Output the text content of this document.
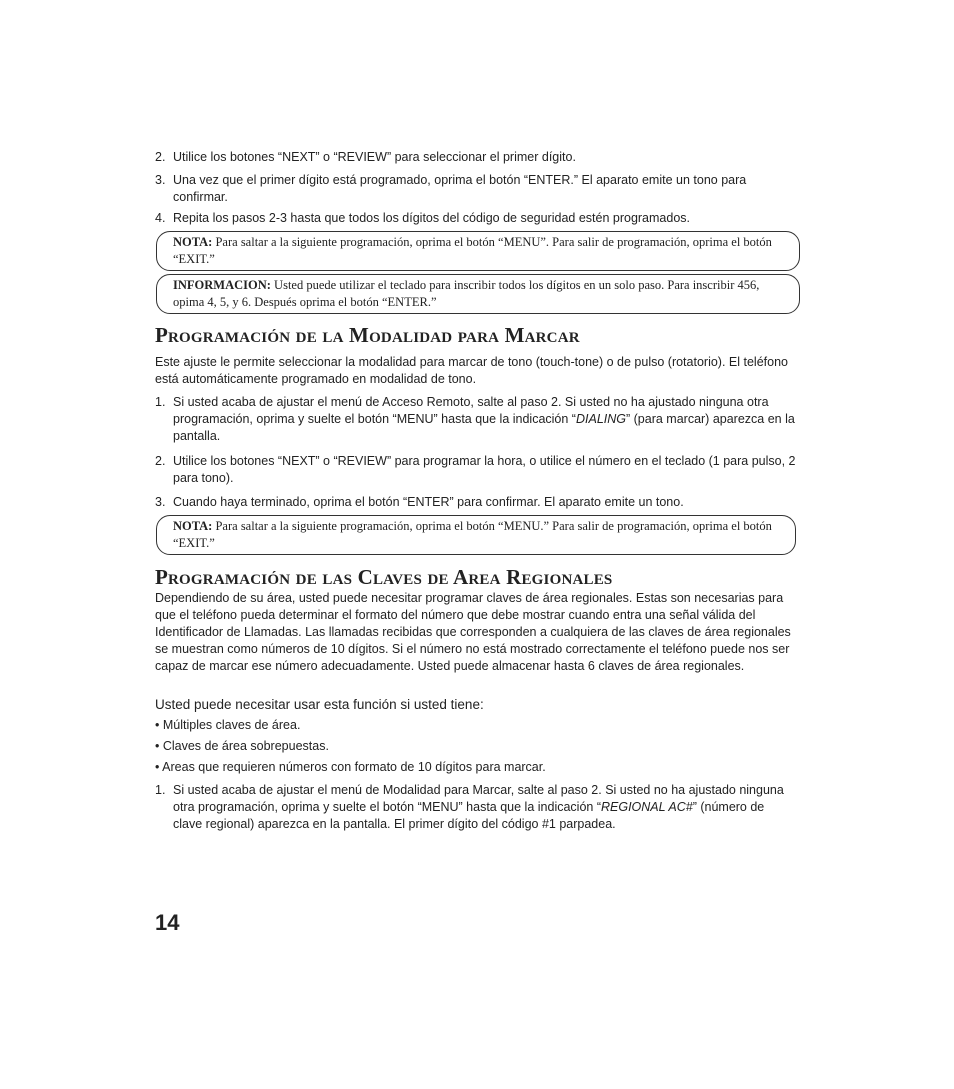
2. Utilice los botones “NEXT” o “REVIEW” para seleccionar el primer dígito.
3. Una vez que el primer dígito está programado, oprima el botón “ENTER.” El aparato emite un tono para confirmar.
4. Repita los pasos 2-3 hasta que todos los dígitos del código de seguridad estén programados.
NOTA: Para saltar a la siguiente programación, oprima el botón “MENU”. Para salir de programación, oprima el botón “EXIT.”
INFORMACION: Usted puede utilizar el teclado para inscribir todos los dígitos en un solo paso. Para inscribir 456, opima 4, 5, y 6. Después oprima el botón “ENTER.”
Programación de la Modalidad para Marcar

Este ajuste le permite seleccionar la modalidad para marcar de tono (touch-tone) o de pulso (rotatorio). El teléfono está automáticamente programado en modalidad de tono.

1. Si usted acaba de ajustar el menú de Acceso Remoto, salte al paso 2. Si usted no ha ajustado ninguna otra programación, oprima y suelte el botón “MENU” hasta que la indicación “DIALING” (para marcar) aparezca en la pantalla.
2. Utilice los botones “NEXT” o “REVIEW” para programar la hora, o utilice el número en el teclado (1 para pulso, 2 para tono).
3. Cuando haya terminado, oprima el botón “ENTER” para confirmar. El aparato emite un tono.
NOTA: Para saltar a la siguiente programación, oprima el botón “MENU.” Para salir de programación, oprima el botón “EXIT.”
Programación de las Claves de Area Regionales

Dependiendo de su área, usted puede necesitar programar claves de área regionales. Estas son necesarias para que el teléfono pueda determinar el formato del número que debe mostrar cuando entra una señal válida del Identificador de Llamadas. Las llamadas recibidas que corresponden a cualquiera de las claves de área regionales se muestran como números de 10 dígitos. Si el número no está mostrado correctamente el teléfono puede nos ser capaz de marcar ese número adecuadamente. Usted puede almacenar hasta 6 claves de área regionales.

Usted puede necesitar usar esta función si usted tiene:

• Múltiples claves de área.
• Claves de área sobrepuestas.
• Areas que requieren números con formato de 10 dígitos para marcar.
1. Si usted acaba de ajustar el menú de Modalidad para Marcar, salte al paso 2. Si usted no ha ajustado ninguna otra programación, oprima y suelte el botón “MENU” hasta que la indicación “REGIONAL AC#” (número de clave regional) aparezca en la pantalla. El primer dígito del código #1 parpadea.
14
